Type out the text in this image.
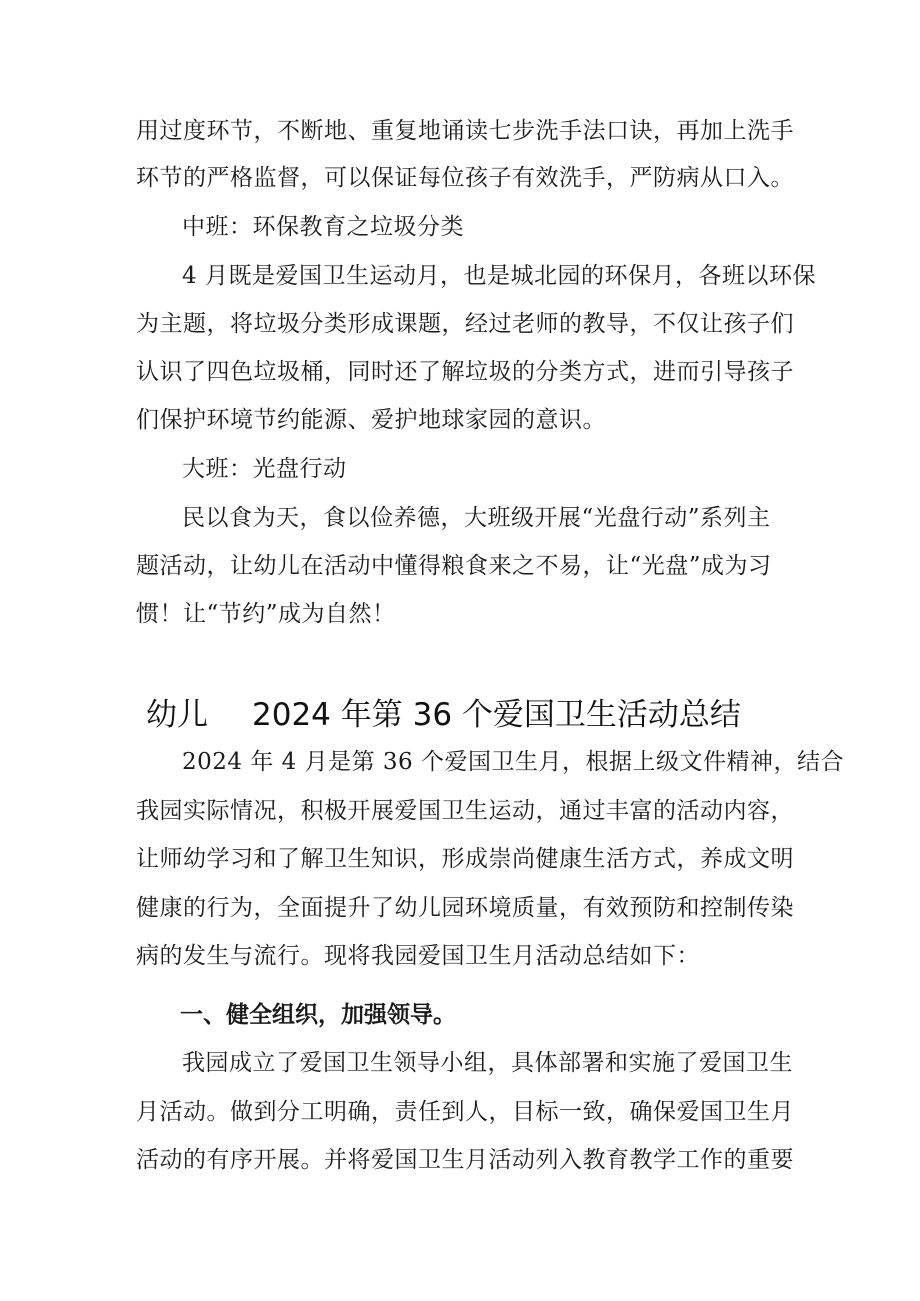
用过度环节，不断地、重复地诵读七步洗手法口诀，再加上洗手

环节的严格监督，可以保证每位孩子有效洗手，严防病从口入。

中班：环保教育之垃圾分类

4 月既是爱国卫生运动月，也是城北园的环保月，各班以环保

为主题，将垃圾分类形成课题，经过老师的教导，不仅让孩子们

认识了四色垃圾桶，同时还了解垃圾的分类方式，进而引导孩子

们保护环境节约能源、爱护地球家园的意识。

大班：光盘行动

民以食为天，食以俭养德，大班级开展“光盘行动”系列主

题活动，让幼儿在活动中懂得粮食来之不易，让“光盘”成为习

惯！让“节约”成为自然！

幼儿 2024 年第 36 个爱国卫生活动总结

2024 年 4 月是第 36 个爱国卫生月，根据上级文件精神，结合

我园实际情况，积极开展爱国卫生运动，通过丰富的活动内容，

让师幼学习和了解卫生知识，形成崇尚健康生活方式，养成文明

健康的行为，全面提升了幼儿园环境质量，有效预防和控制传染

病的发生与流行。现将我园爱国卫生月活动总结如下：

一、健全组织，加强领导。

我园成立了爱国卫生领导小组，具体部署和实施了爱国卫生

月活动。做到分工明确，责任到人，目标一致，确保爱国卫生月

活动的有序开展。并将爱国卫生月活动列入教育教学工作的重要
